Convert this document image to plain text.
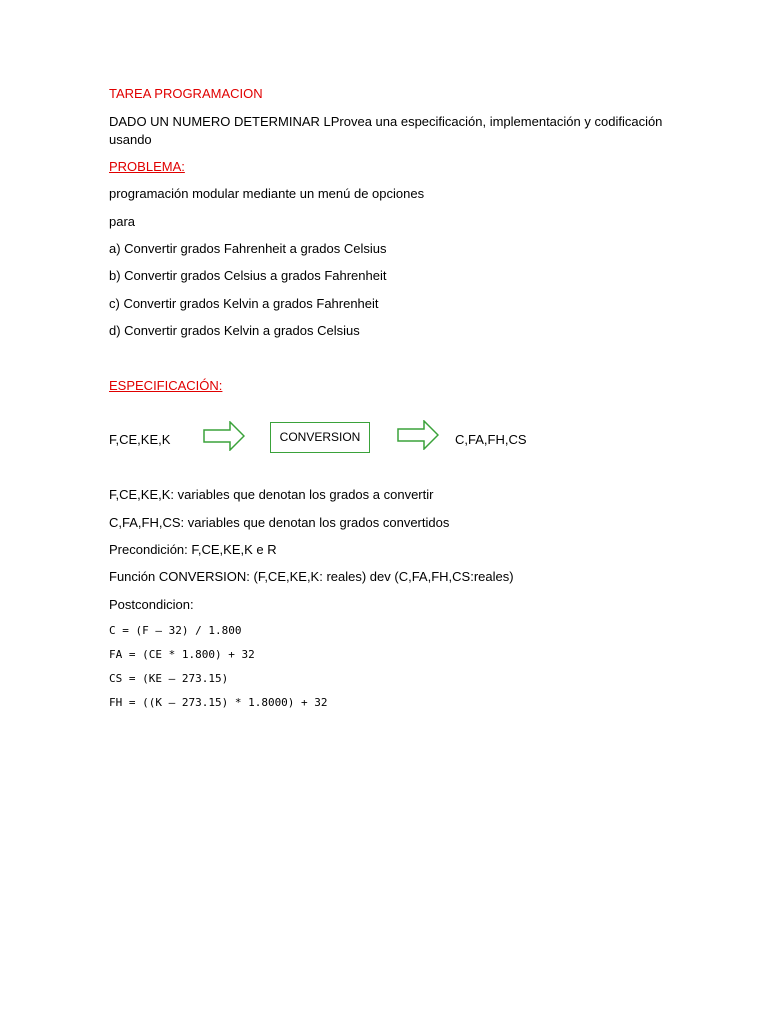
TAREA PROGRAMACION
DADO UN NUMERO DETERMINAR LProvea una especificación, implementación y codificación
usando
PROBLEMA:
programación modular mediante un menú de opciones
para
a) Convertir grados Fahrenheit a grados Celsius
b) Convertir grados Celsius a grados Fahrenheit
c) Convertir grados Kelvin a grados Fahrenheit
d) Convertir grados Kelvin a grados Celsius
ESPECIFICACIÓN:
F,CE,KE,K	CONVERSION	C,FA,FH,CS
F,CE,KE,K: variables que denotan los grados a convertir
C,FA,FH,CS: variables que denotan los grados convertidos
Precondición: F,CE,KE,K e R
Función CONVERSION: (F,CE,KE,K: reales) dev (C,FA,FH,CS:reales)
Postcondicion:
C = (F – 32) / 1.800
FA = (CE * 1.800) + 32
CS = (KE – 273.15)
FH = ((K – 273.15) * 1.8000) + 32
